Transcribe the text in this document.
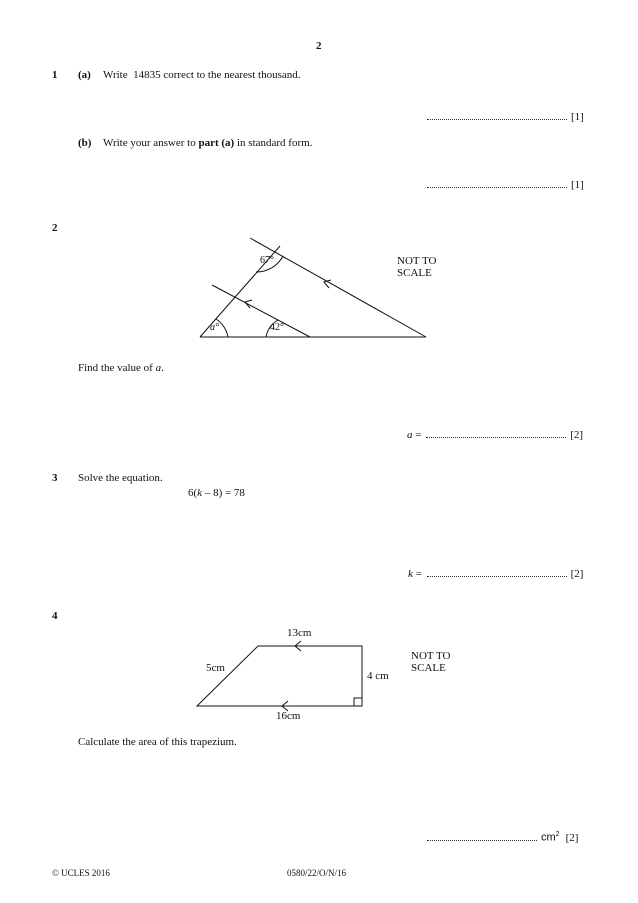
2
1 (a) Write  14835 correct to the nearest thousand.
[1]
(b) Write your answer to part (a) in standard form.
[1]
2
67°
a°	42°
NOT TO
SCALE
Find the value of a.
a =	[2]
3 Solve the equation.
6(k – 8) = 78
k =	[2]
4
13cm
5cm
4 cm
16cm
NOT TO
SCALE
Calculate the area of this trapezium.
$cm^2$ [2]
© UCLES 2016	0580/22/O/N/16
